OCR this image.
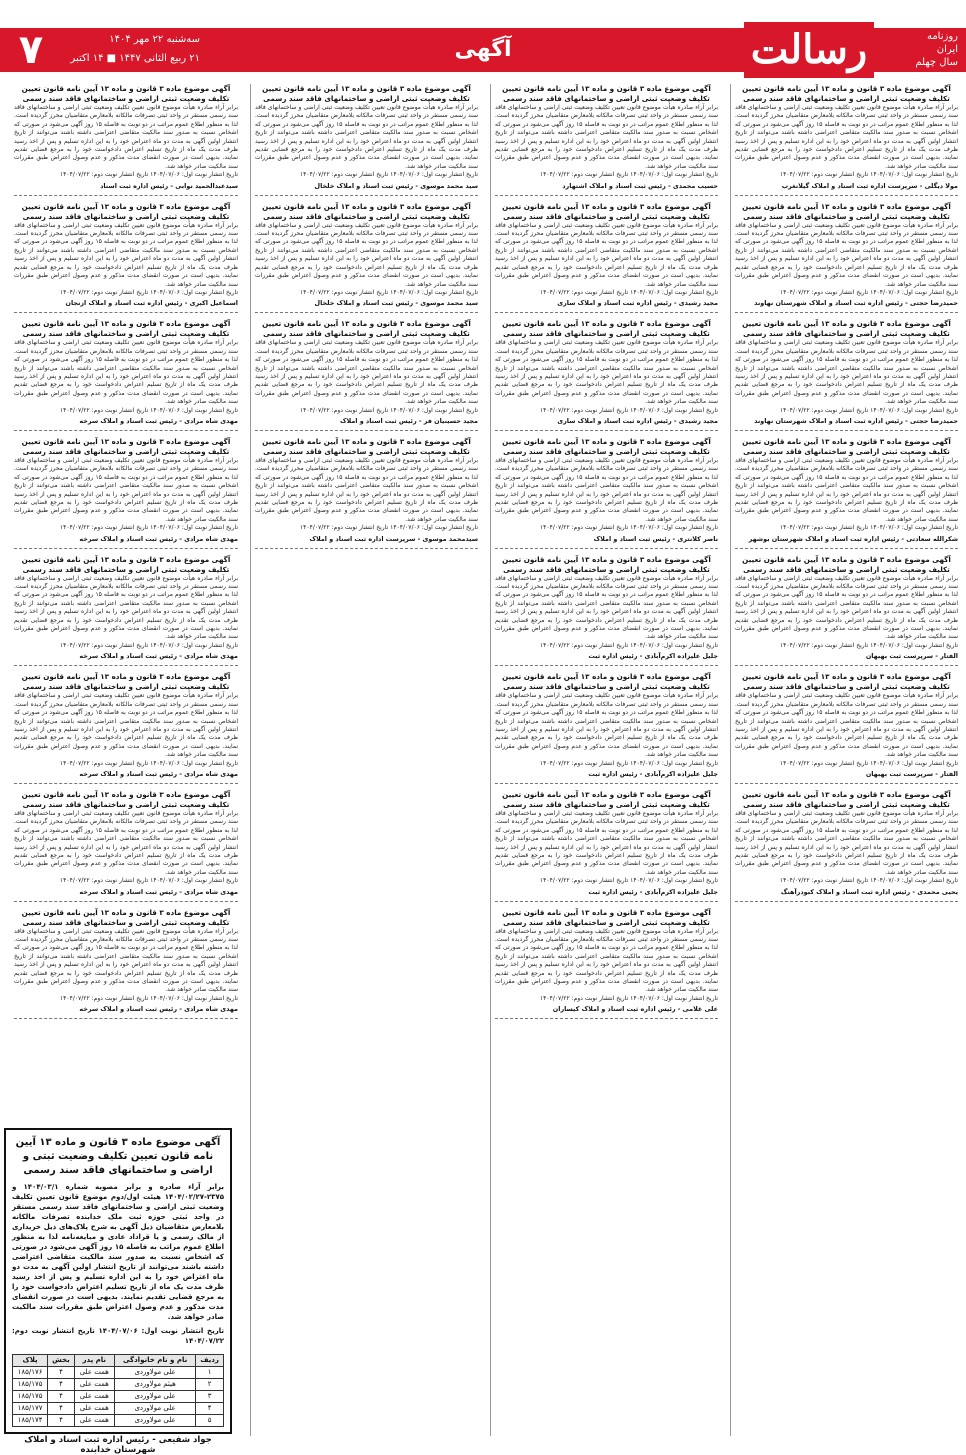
روزنامه
ایران
سال چهلم
رسالت
آگهی
سه‌شنبه ۲۲ مهر ۱۴۰۴
۲۱ ربیع الثانی ۱۴۴۷ ■ ۱۴ اکتبر ۲۰۲۵
۷
آگهی موضوع ماده ۳ قانون و ماده ۱۳ آیین نامه قانون تعیین تکلیف وضعیت ثبتی اراضی و ساختمانهای فاقد سند رسمی
برابر آراء صادره هیأت موضوع قانون تعیین تکلیف وضعیت ثبتی اراضی و ساختمانهای فاقد سند رسمی مستقر در واحد ثبتی تصرفات مالکانه بلامعارض متقاضیان محرز گردیده است. لذا به منظور اطلاع عموم مراتب در دو نوبت به فاصله ۱۵ روز آگهی می‌شود در صورتی که اشخاص نسبت به صدور سند مالکیت متقاضی اعتراضی داشته باشند می‌توانند از تاریخ انتشار اولین آگهی به مدت دو ماه اعتراض خود را به این اداره تسلیم و پس از اخذ رسید ظرف مدت یک ماه از تاریخ تسلیم اعتراض دادخواست خود را به مرجع قضایی تقدیم نمایند. بدیهی است در صورت انقضای مدت مذکور و عدم وصول اعتراض طبق مقررات سند مالکیت صادر خواهد شد.
تاریخ انتشار نوبت اول: ۱۴۰۴/۰۷/۰۶ تاریخ انتشار نوبت دوم: ۱۴۰۴/۰۷/۲۲
مولا دیگلی - سرپرست اداره ثبت اسناد و املاک گیلانغرب
آگهی موضوع ماده ۳ قانون و ماده ۱۳ آیین نامه قانون تعیین تکلیف وضعیت ثبتی اراضی و ساختمانهای فاقد سند رسمی
برابر آراء صادره هیأت موضوع قانون تعیین تکلیف وضعیت ثبتی اراضی و ساختمانهای فاقد سند رسمی مستقر در واحد ثبتی تصرفات مالکانه بلامعارض متقاضیان محرز گردیده است. لذا به منظور اطلاع عموم مراتب در دو نوبت به فاصله ۱۵ روز آگهی می‌شود در صورتی که اشخاص نسبت به صدور سند مالکیت متقاضی اعتراضی داشته باشند می‌توانند از تاریخ انتشار اولین آگهی به مدت دو ماه اعتراض خود را به این اداره تسلیم و پس از اخذ رسید ظرف مدت یک ماه از تاریخ تسلیم اعتراض دادخواست خود را به مرجع قضایی تقدیم نمایند. بدیهی است در صورت انقضای مدت مذکور و عدم وصول اعتراض طبق مقررات سند مالکیت صادر خواهد شد.
تاریخ انتشار نوبت اول: ۱۴۰۴/۰۷/۰۶ تاریخ انتشار نوبت دوم: ۱۴۰۴/۰۷/۲۲
حمیدرضا حجتی - رئیس اداره ثبت اسناد و املاک شهرستان نهاوند
آگهی موضوع ماده ۳ قانون و ماده ۱۳ آیین نامه قانون تعیین تکلیف وضعیت ثبتی اراضی و ساختمانهای فاقد سند رسمی
برابر آراء صادره هیأت موضوع قانون تعیین تکلیف وضعیت ثبتی اراضی و ساختمانهای فاقد سند رسمی مستقر در واحد ثبتی تصرفات مالکانه بلامعارض متقاضیان محرز گردیده است. لذا به منظور اطلاع عموم مراتب در دو نوبت به فاصله ۱۵ روز آگهی می‌شود در صورتی که اشخاص نسبت به صدور سند مالکیت متقاضی اعتراضی داشته باشند می‌توانند از تاریخ انتشار اولین آگهی به مدت دو ماه اعتراض خود را به این اداره تسلیم و پس از اخذ رسید ظرف مدت یک ماه از تاریخ تسلیم اعتراض دادخواست خود را به مرجع قضایی تقدیم نمایند. بدیهی است در صورت انقضای مدت مذکور و عدم وصول اعتراض طبق مقررات سند مالکیت صادر خواهد شد.
تاریخ انتشار نوبت اول: ۱۴۰۴/۰۷/۰۶ تاریخ انتشار نوبت دوم: ۱۴۰۴/۰۷/۲۲
حمیدرضا حجتی - رئیس اداره ثبت اسناد و املاک شهرستان نهاوند
آگهی موضوع ماده ۳ قانون و ماده ۱۳ آیین نامه قانون تعیین تکلیف وضعیت ثبتی اراضی و ساختمانهای فاقد سند رسمی
برابر آراء صادره هیأت موضوع قانون تعیین تکلیف وضعیت ثبتی اراضی و ساختمانهای فاقد سند رسمی مستقر در واحد ثبتی تصرفات مالکانه بلامعارض متقاضیان محرز گردیده است. لذا به منظور اطلاع عموم مراتب در دو نوبت به فاصله ۱۵ روز آگهی می‌شود در صورتی که اشخاص نسبت به صدور سند مالکیت متقاضی اعتراضی داشته باشند می‌توانند از تاریخ انتشار اولین آگهی به مدت دو ماه اعتراض خود را به این اداره تسلیم و پس از اخذ رسید ظرف مدت یک ماه از تاریخ تسلیم اعتراض دادخواست خود را به مرجع قضایی تقدیم نمایند. بدیهی است در صورت انقضای مدت مذکور و عدم وصول اعتراض طبق مقررات سند مالکیت صادر خواهد شد.
تاریخ انتشار نوبت اول: ۱۴۰۴/۰۷/۰۶ تاریخ انتشار نوبت دوم: ۱۴۰۴/۰۷/۲۲
شکرالله سعادتی - رئیس اداره ثبت اسناد و املاک شهرستان بوشهر
آگهی موضوع ماده ۳ قانون و ماده ۱۳ آیین نامه قانون تعیین تکلیف وضعیت ثبتی اراضی و ساختمانهای فاقد سند رسمی
برابر آراء صادره هیأت موضوع قانون تعیین تکلیف وضعیت ثبتی اراضی و ساختمانهای فاقد سند رسمی مستقر در واحد ثبتی تصرفات مالکانه بلامعارض متقاضیان محرز گردیده است. لذا به منظور اطلاع عموم مراتب در دو نوبت به فاصله ۱۵ روز آگهی می‌شود در صورتی که اشخاص نسبت به صدور سند مالکیت متقاضی اعتراضی داشته باشند می‌توانند از تاریخ انتشار اولین آگهی به مدت دو ماه اعتراض خود را به این اداره تسلیم و پس از اخذ رسید ظرف مدت یک ماه از تاریخ تسلیم اعتراض دادخواست خود را به مرجع قضایی تقدیم نمایند. بدیهی است در صورت انقضای مدت مذکور و عدم وصول اعتراض طبق مقررات سند مالکیت صادر خواهد شد.
تاریخ انتشار نوبت اول: ۱۴۰۴/۰۷/۰۶ تاریخ انتشار نوبت دوم: ۱۴۰۴/۰۷/۲۲
الفتار - سرپرست ثبت بهبهان
آگهی موضوع ماده ۳ قانون و ماده ۱۳ آیین نامه قانون تعیین تکلیف وضعیت ثبتی اراضی و ساختمانهای فاقد سند رسمی
برابر آراء صادره هیأت موضوع قانون تعیین تکلیف وضعیت ثبتی اراضی و ساختمانهای فاقد سند رسمی مستقر در واحد ثبتی تصرفات مالکانه بلامعارض متقاضیان محرز گردیده است. لذا به منظور اطلاع عموم مراتب در دو نوبت به فاصله ۱۵ روز آگهی می‌شود در صورتی که اشخاص نسبت به صدور سند مالکیت متقاضی اعتراضی داشته باشند می‌توانند از تاریخ انتشار اولین آگهی به مدت دو ماه اعتراض خود را به این اداره تسلیم و پس از اخذ رسید ظرف مدت یک ماه از تاریخ تسلیم اعتراض دادخواست خود را به مرجع قضایی تقدیم نمایند. بدیهی است در صورت انقضای مدت مذکور و عدم وصول اعتراض طبق مقررات سند مالکیت صادر خواهد شد.
تاریخ انتشار نوبت اول: ۱۴۰۴/۰۷/۰۶ تاریخ انتشار نوبت دوم: ۱۴۰۴/۰۷/۲۲
الفتار - سرپرست ثبت بهبهان
آگهی موضوع ماده ۳ قانون و ماده ۱۳ آیین نامه قانون تعیین تکلیف وضعیت ثبتی اراضی و ساختمانهای فاقد سند رسمی
برابر آراء صادره هیأت موضوع قانون تعیین تکلیف وضعیت ثبتی اراضی و ساختمانهای فاقد سند رسمی مستقر در واحد ثبتی تصرفات مالکانه بلامعارض متقاضیان محرز گردیده است. لذا به منظور اطلاع عموم مراتب در دو نوبت به فاصله ۱۵ روز آگهی می‌شود در صورتی که اشخاص نسبت به صدور سند مالکیت متقاضی اعتراضی داشته باشند می‌توانند از تاریخ انتشار اولین آگهی به مدت دو ماه اعتراض خود را به این اداره تسلیم و پس از اخذ رسید ظرف مدت یک ماه از تاریخ تسلیم اعتراض دادخواست خود را به مرجع قضایی تقدیم نمایند. بدیهی است در صورت انقضای مدت مذکور و عدم وصول اعتراض طبق مقررات سند مالکیت صادر خواهد شد.
تاریخ انتشار نوبت اول: ۱۴۰۴/۰۷/۰۶ تاریخ انتشار نوبت دوم: ۱۴۰۴/۰۷/۲۲
یحیی محمدی - رئیس اداره ثبت اسناد و املاک کبودرآهنگ
آگهی موضوع ماده ۳ قانون و ماده ۱۳ آیین نامه قانون تعیین تکلیف وضعیت ثبتی اراضی و ساختمانهای فاقد سند رسمی
برابر آراء صادره هیأت موضوع قانون تعیین تکلیف وضعیت ثبتی اراضی و ساختمانهای فاقد سند رسمی مستقر در واحد ثبتی تصرفات مالکانه بلامعارض متقاضیان محرز گردیده است. لذا به منظور اطلاع عموم مراتب در دو نوبت به فاصله ۱۵ روز آگهی می‌شود در صورتی که اشخاص نسبت به صدور سند مالکیت متقاضی اعتراضی داشته باشند می‌توانند از تاریخ انتشار اولین آگهی به مدت دو ماه اعتراض خود را به این اداره تسلیم و پس از اخذ رسید ظرف مدت یک ماه از تاریخ تسلیم اعتراض دادخواست خود را به مرجع قضایی تقدیم نمایند. بدیهی است در صورت انقضای مدت مذکور و عدم وصول اعتراض طبق مقررات سند مالکیت صادر خواهد شد.
تاریخ انتشار نوبت اول: ۱۴۰۴/۰۷/۰۶ تاریخ انتشار نوبت دوم: ۱۴۰۴/۰۷/۲۲
حسیب محمدی - رئیس ثبت اسناد و املاک اشتهارد
آگهی موضوع ماده ۳ قانون و ماده ۱۳ آیین نامه قانون تعیین تکلیف وضعیت ثبتی اراضی و ساختمانهای فاقد سند رسمی
برابر آراء صادره هیأت موضوع قانون تعیین تکلیف وضعیت ثبتی اراضی و ساختمانهای فاقد سند رسمی مستقر در واحد ثبتی تصرفات مالکانه بلامعارض متقاضیان محرز گردیده است. لذا به منظور اطلاع عموم مراتب در دو نوبت به فاصله ۱۵ روز آگهی می‌شود در صورتی که اشخاص نسبت به صدور سند مالکیت متقاضی اعتراضی داشته باشند می‌توانند از تاریخ انتشار اولین آگهی به مدت دو ماه اعتراض خود را به این اداره تسلیم و پس از اخذ رسید ظرف مدت یک ماه از تاریخ تسلیم اعتراض دادخواست خود را به مرجع قضایی تقدیم نمایند. بدیهی است در صورت انقضای مدت مذکور و عدم وصول اعتراض طبق مقررات سند مالکیت صادر خواهد شد.
تاریخ انتشار نوبت اول: ۱۴۰۴/۰۷/۰۶ تاریخ انتشار نوبت دوم: ۱۴۰۴/۰۷/۲۲
مجید رشیدی - رئیس اداره ثبت اسناد و املاک ساری
آگهی موضوع ماده ۳ قانون و ماده ۱۳ آیین نامه قانون تعیین تکلیف وضعیت ثبتی اراضی و ساختمانهای فاقد سند رسمی
برابر آراء صادره هیأت موضوع قانون تعیین تکلیف وضعیت ثبتی اراضی و ساختمانهای فاقد سند رسمی مستقر در واحد ثبتی تصرفات مالکانه بلامعارض متقاضیان محرز گردیده است. لذا به منظور اطلاع عموم مراتب در دو نوبت به فاصله ۱۵ روز آگهی می‌شود در صورتی که اشخاص نسبت به صدور سند مالکیت متقاضی اعتراضی داشته باشند می‌توانند از تاریخ انتشار اولین آگهی به مدت دو ماه اعتراض خود را به این اداره تسلیم و پس از اخذ رسید ظرف مدت یک ماه از تاریخ تسلیم اعتراض دادخواست خود را به مرجع قضایی تقدیم نمایند. بدیهی است در صورت انقضای مدت مذکور و عدم وصول اعتراض طبق مقررات سند مالکیت صادر خواهد شد.
تاریخ انتشار نوبت اول: ۱۴۰۴/۰۷/۰۶ تاریخ انتشار نوبت دوم: ۱۴۰۴/۰۷/۲۲
مجید رشیدی - رئیس اداره ثبت اسناد و املاک ساری
آگهی موضوع ماده ۳ قانون و ماده ۱۳ آیین نامه قانون تعیین تکلیف وضعیت ثبتی اراضی و ساختمانهای فاقد سند رسمی
برابر آراء صادره هیأت موضوع قانون تعیین تکلیف وضعیت ثبتی اراضی و ساختمانهای فاقد سند رسمی مستقر در واحد ثبتی تصرفات مالکانه بلامعارض متقاضیان محرز گردیده است. لذا به منظور اطلاع عموم مراتب در دو نوبت به فاصله ۱۵ روز آگهی می‌شود در صورتی که اشخاص نسبت به صدور سند مالکیت متقاضی اعتراضی داشته باشند می‌توانند از تاریخ انتشار اولین آگهی به مدت دو ماه اعتراض خود را به این اداره تسلیم و پس از اخذ رسید ظرف مدت یک ماه از تاریخ تسلیم اعتراض دادخواست خود را به مرجع قضایی تقدیم نمایند. بدیهی است در صورت انقضای مدت مذکور و عدم وصول اعتراض طبق مقررات سند مالکیت صادر خواهد شد.
تاریخ انتشار نوبت اول: ۱۴۰۴/۰۷/۰۶ تاریخ انتشار نوبت دوم: ۱۴۰۴/۰۷/۲۲
ناصر کلانتری - رئیس ثبت اسناد و املاک
آگهی موضوع ماده ۳ قانون و ماده ۱۳ آیین نامه قانون تعیین تکلیف وضعیت ثبتی اراضی و ساختمانهای فاقد سند رسمی
برابر آراء صادره هیأت موضوع قانون تعیین تکلیف وضعیت ثبتی اراضی و ساختمانهای فاقد سند رسمی مستقر در واحد ثبتی تصرفات مالکانه بلامعارض متقاضیان محرز گردیده است. لذا به منظور اطلاع عموم مراتب در دو نوبت به فاصله ۱۵ روز آگهی می‌شود در صورتی که اشخاص نسبت به صدور سند مالکیت متقاضی اعتراضی داشته باشند می‌توانند از تاریخ انتشار اولین آگهی به مدت دو ماه اعتراض خود را به این اداره تسلیم و پس از اخذ رسید ظرف مدت یک ماه از تاریخ تسلیم اعتراض دادخواست خود را به مرجع قضایی تقدیم نمایند. بدیهی است در صورت انقضای مدت مذکور و عدم وصول اعتراض طبق مقررات سند مالکیت صادر خواهد شد.
تاریخ انتشار نوبت اول: ۱۴۰۴/۰۷/۰۶ تاریخ انتشار نوبت دوم: ۱۴۰۴/۰۷/۲۲
جلیل علیزاده اکرم‌آبادی - رئیس اداره ثبت
آگهی موضوع ماده ۳ قانون و ماده ۱۳ آیین نامه قانون تعیین تکلیف وضعیت ثبتی اراضی و ساختمانهای فاقد سند رسمی
برابر آراء صادره هیأت موضوع قانون تعیین تکلیف وضعیت ثبتی اراضی و ساختمانهای فاقد سند رسمی مستقر در واحد ثبتی تصرفات مالکانه بلامعارض متقاضیان محرز گردیده است. لذا به منظور اطلاع عموم مراتب در دو نوبت به فاصله ۱۵ روز آگهی می‌شود در صورتی که اشخاص نسبت به صدور سند مالکیت متقاضی اعتراضی داشته باشند می‌توانند از تاریخ انتشار اولین آگهی به مدت دو ماه اعتراض خود را به این اداره تسلیم و پس از اخذ رسید ظرف مدت یک ماه از تاریخ تسلیم اعتراض دادخواست خود را به مرجع قضایی تقدیم نمایند. بدیهی است در صورت انقضای مدت مذکور و عدم وصول اعتراض طبق مقررات سند مالکیت صادر خواهد شد.
تاریخ انتشار نوبت اول: ۱۴۰۴/۰۷/۰۶ تاریخ انتشار نوبت دوم: ۱۴۰۴/۰۷/۲۲
جلیل علیزاده اکرم‌آبادی - رئیس اداره ثبت
آگهی موضوع ماده ۳ قانون و ماده ۱۳ آیین نامه قانون تعیین تکلیف وضعیت ثبتی اراضی و ساختمانهای فاقد سند رسمی
برابر آراء صادره هیأت موضوع قانون تعیین تکلیف وضعیت ثبتی اراضی و ساختمانهای فاقد سند رسمی مستقر در واحد ثبتی تصرفات مالکانه بلامعارض متقاضیان محرز گردیده است. لذا به منظور اطلاع عموم مراتب در دو نوبت به فاصله ۱۵ روز آگهی می‌شود در صورتی که اشخاص نسبت به صدور سند مالکیت متقاضی اعتراضی داشته باشند می‌توانند از تاریخ انتشار اولین آگهی به مدت دو ماه اعتراض خود را به این اداره تسلیم و پس از اخذ رسید ظرف مدت یک ماه از تاریخ تسلیم اعتراض دادخواست خود را به مرجع قضایی تقدیم نمایند. بدیهی است در صورت انقضای مدت مذکور و عدم وصول اعتراض طبق مقررات سند مالکیت صادر خواهد شد.
تاریخ انتشار نوبت اول: ۱۴۰۴/۰۷/۰۶ تاریخ انتشار نوبت دوم: ۱۴۰۴/۰۷/۲۲
جلیل علیزاده اکرم‌آبادی - رئیس اداره ثبت
آگهی موضوع ماده ۳ قانون و ماده ۱۳ آیین نامه قانون تعیین تکلیف وضعیت ثبتی اراضی و ساختمانهای فاقد سند رسمی
برابر آراء صادره هیأت موضوع قانون تعیین تکلیف وضعیت ثبتی اراضی و ساختمانهای فاقد سند رسمی مستقر در واحد ثبتی تصرفات مالکانه بلامعارض متقاضیان محرز گردیده است. لذا به منظور اطلاع عموم مراتب در دو نوبت به فاصله ۱۵ روز آگهی می‌شود در صورتی که اشخاص نسبت به صدور سند مالکیت متقاضی اعتراضی داشته باشند می‌توانند از تاریخ انتشار اولین آگهی به مدت دو ماه اعتراض خود را به این اداره تسلیم و پس از اخذ رسید ظرف مدت یک ماه از تاریخ تسلیم اعتراض دادخواست خود را به مرجع قضایی تقدیم نمایند. بدیهی است در صورت انقضای مدت مذکور و عدم وصول اعتراض طبق مقررات سند مالکیت صادر خواهد شد.
تاریخ انتشار نوبت اول: ۱۴۰۴/۰۷/۰۶ تاریخ انتشار نوبت دوم: ۱۴۰۴/۰۷/۲۲
علی غلامی - رئیس اداره ثبت اسناد و املاک کیساران
آگهی موضوع ماده ۳ قانون و ماده ۱۳ آیین نامه قانون تعیین تکلیف وضعیت ثبتی اراضی و ساختمانهای فاقد سند رسمی
برابر آراء صادره هیأت موضوع قانون تعیین تکلیف وضعیت ثبتی اراضی و ساختمانهای فاقد سند رسمی مستقر در واحد ثبتی تصرفات مالکانه بلامعارض متقاضیان محرز گردیده است. لذا به منظور اطلاع عموم مراتب در دو نوبت به فاصله ۱۵ روز آگهی می‌شود در صورتی که اشخاص نسبت به صدور سند مالکیت متقاضی اعتراضی داشته باشند می‌توانند از تاریخ انتشار اولین آگهی به مدت دو ماه اعتراض خود را به این اداره تسلیم و پس از اخذ رسید ظرف مدت یک ماه از تاریخ تسلیم اعتراض دادخواست خود را به مرجع قضایی تقدیم نمایند. بدیهی است در صورت انقضای مدت مذکور و عدم وصول اعتراض طبق مقررات سند مالکیت صادر خواهد شد.
تاریخ انتشار نوبت اول: ۱۴۰۴/۰۷/۰۶ تاریخ انتشار نوبت دوم: ۱۴۰۴/۰۷/۲۲
سید محمد موسوی - رئیس ثبت اسناد و املاک خلخال
آگهی موضوع ماده ۳ قانون و ماده ۱۳ آیین نامه قانون تعیین تکلیف وضعیت ثبتی اراضی و ساختمانهای فاقد سند رسمی
برابر آراء صادره هیأت موضوع قانون تعیین تکلیف وضعیت ثبتی اراضی و ساختمانهای فاقد سند رسمی مستقر در واحد ثبتی تصرفات مالکانه بلامعارض متقاضیان محرز گردیده است. لذا به منظور اطلاع عموم مراتب در دو نوبت به فاصله ۱۵ روز آگهی می‌شود در صورتی که اشخاص نسبت به صدور سند مالکیت متقاضی اعتراضی داشته باشند می‌توانند از تاریخ انتشار اولین آگهی به مدت دو ماه اعتراض خود را به این اداره تسلیم و پس از اخذ رسید ظرف مدت یک ماه از تاریخ تسلیم اعتراض دادخواست خود را به مرجع قضایی تقدیم نمایند. بدیهی است در صورت انقضای مدت مذکور و عدم وصول اعتراض طبق مقررات سند مالکیت صادر خواهد شد.
تاریخ انتشار نوبت اول: ۱۴۰۴/۰۷/۰۶ تاریخ انتشار نوبت دوم: ۱۴۰۴/۰۷/۲۲
سید محمد موسوی - رئیس ثبت اسناد و املاک خلخال
آگهی موضوع ماده ۳ قانون و ماده ۱۳ آیین نامه قانون تعیین تکلیف وضعیت ثبتی اراضی و ساختمانهای فاقد سند رسمی
برابر آراء صادره هیأت موضوع قانون تعیین تکلیف وضعیت ثبتی اراضی و ساختمانهای فاقد سند رسمی مستقر در واحد ثبتی تصرفات مالکانه بلامعارض متقاضیان محرز گردیده است. لذا به منظور اطلاع عموم مراتب در دو نوبت به فاصله ۱۵ روز آگهی می‌شود در صورتی که اشخاص نسبت به صدور سند مالکیت متقاضی اعتراضی داشته باشند می‌توانند از تاریخ انتشار اولین آگهی به مدت دو ماه اعتراض خود را به این اداره تسلیم و پس از اخذ رسید ظرف مدت یک ماه از تاریخ تسلیم اعتراض دادخواست خود را به مرجع قضایی تقدیم نمایند. بدیهی است در صورت انقضای مدت مذکور و عدم وصول اعتراض طبق مقررات سند مالکیت صادر خواهد شد.
تاریخ انتشار نوبت اول: ۱۴۰۴/۰۷/۰۶ تاریخ انتشار نوبت دوم: ۱۴۰۴/۰۷/۲۲
مجید حسینیان فر - رئیس ثبت اسناد و املاک
آگهی موضوع ماده ۳ قانون و ماده ۱۳ آیین نامه قانون تعیین تکلیف وضعیت ثبتی اراضی و ساختمانهای فاقد سند رسمی
برابر آراء صادره هیأت موضوع قانون تعیین تکلیف وضعیت ثبتی اراضی و ساختمانهای فاقد سند رسمی مستقر در واحد ثبتی تصرفات مالکانه بلامعارض متقاضیان محرز گردیده است. لذا به منظور اطلاع عموم مراتب در دو نوبت به فاصله ۱۵ روز آگهی می‌شود در صورتی که اشخاص نسبت به صدور سند مالکیت متقاضی اعتراضی داشته باشند می‌توانند از تاریخ انتشار اولین آگهی به مدت دو ماه اعتراض خود را به این اداره تسلیم و پس از اخذ رسید ظرف مدت یک ماه از تاریخ تسلیم اعتراض دادخواست خود را به مرجع قضایی تقدیم نمایند. بدیهی است در صورت انقضای مدت مذکور و عدم وصول اعتراض طبق مقررات سند مالکیت صادر خواهد شد.
تاریخ انتشار نوبت اول: ۱۴۰۴/۰۷/۰۶ تاریخ انتشار نوبت دوم: ۱۴۰۴/۰۷/۲۲
سیدمحمد موسوی - سرپرست اداره ثبت اسناد و املاک
آگهی موضوع ماده ۳ قانون و ماده ۱۳ آیین نامه قانون تعیین تکلیف وضعیت ثبتی اراضی و ساختمانهای فاقد سند رسمی
برابر آراء صادره هیأت موضوع قانون تعیین تکلیف وضعیت ثبتی اراضی و ساختمانهای فاقد سند رسمی مستقر در واحد ثبتی تصرفات مالکانه بلامعارض متقاضیان محرز گردیده است. لذا به منظور اطلاع عموم مراتب در دو نوبت به فاصله ۱۵ روز آگهی می‌شود در صورتی که اشخاص نسبت به صدور سند مالکیت متقاضی اعتراضی داشته باشند می‌توانند از تاریخ انتشار اولین آگهی به مدت دو ماه اعتراض خود را به این اداره تسلیم و پس از اخذ رسید ظرف مدت یک ماه از تاریخ تسلیم اعتراض دادخواست خود را به مرجع قضایی تقدیم نمایند. بدیهی است در صورت انقضای مدت مذکور و عدم وصول اعتراض طبق مقررات سند مالکیت صادر خواهد شد.
تاریخ انتشار نوبت اول: ۱۴۰۴/۰۷/۰۶ تاریخ انتشار نوبت دوم: ۱۴۰۴/۰۷/۲۲
سیدعبدالحمید نوابی - رئیس اداره ثبت اسناد
آگهی موضوع ماده ۳ قانون و ماده ۱۳ آیین نامه قانون تعیین تکلیف وضعیت ثبتی اراضی و ساختمانهای فاقد سند رسمی
برابر آراء صادره هیأت موضوع قانون تعیین تکلیف وضعیت ثبتی اراضی و ساختمانهای فاقد سند رسمی مستقر در واحد ثبتی تصرفات مالکانه بلامعارض متقاضیان محرز گردیده است. لذا به منظور اطلاع عموم مراتب در دو نوبت به فاصله ۱۵ روز آگهی می‌شود در صورتی که اشخاص نسبت به صدور سند مالکیت متقاضی اعتراضی داشته باشند می‌توانند از تاریخ انتشار اولین آگهی به مدت دو ماه اعتراض خود را به این اداره تسلیم و پس از اخذ رسید ظرف مدت یک ماه از تاریخ تسلیم اعتراض دادخواست خود را به مرجع قضایی تقدیم نمایند. بدیهی است در صورت انقضای مدت مذکور و عدم وصول اعتراض طبق مقررات سند مالکیت صادر خواهد شد.
تاریخ انتشار نوبت اول: ۱۴۰۴/۰۷/۰۶ تاریخ انتشار نوبت دوم: ۱۴۰۴/۰۷/۲۲
اسماعیل اکبری - رئیس اداره ثبت اسناد و املاک ازنجان
آگهی موضوع ماده ۳ قانون و ماده ۱۳ آیین نامه قانون تعیین تکلیف وضعیت ثبتی اراضی و ساختمانهای فاقد سند رسمی
برابر آراء صادره هیأت موضوع قانون تعیین تکلیف وضعیت ثبتی اراضی و ساختمانهای فاقد سند رسمی مستقر در واحد ثبتی تصرفات مالکانه بلامعارض متقاضیان محرز گردیده است. لذا به منظور اطلاع عموم مراتب در دو نوبت به فاصله ۱۵ روز آگهی می‌شود در صورتی که اشخاص نسبت به صدور سند مالکیت متقاضی اعتراضی داشته باشند می‌توانند از تاریخ انتشار اولین آگهی به مدت دو ماه اعتراض خود را به این اداره تسلیم و پس از اخذ رسید ظرف مدت یک ماه از تاریخ تسلیم اعتراض دادخواست خود را به مرجع قضایی تقدیم نمایند. بدیهی است در صورت انقضای مدت مذکور و عدم وصول اعتراض طبق مقررات سند مالکیت صادر خواهد شد.
تاریخ انتشار نوبت اول: ۱۴۰۴/۰۷/۰۶ تاریخ انتشار نوبت دوم: ۱۴۰۴/۰۷/۲۲
مهدی شاه مرادی - رئیس ثبت اسناد و املاک سرخه
آگهی موضوع ماده ۳ قانون و ماده ۱۳ آیین نامه قانون تعیین تکلیف وضعیت ثبتی اراضی و ساختمانهای فاقد سند رسمی
برابر آراء صادره هیأت موضوع قانون تعیین تکلیف وضعیت ثبتی اراضی و ساختمانهای فاقد سند رسمی مستقر در واحد ثبتی تصرفات مالکانه بلامعارض متقاضیان محرز گردیده است. لذا به منظور اطلاع عموم مراتب در دو نوبت به فاصله ۱۵ روز آگهی می‌شود در صورتی که اشخاص نسبت به صدور سند مالکیت متقاضی اعتراضی داشته باشند می‌توانند از تاریخ انتشار اولین آگهی به مدت دو ماه اعتراض خود را به این اداره تسلیم و پس از اخذ رسید ظرف مدت یک ماه از تاریخ تسلیم اعتراض دادخواست خود را به مرجع قضایی تقدیم نمایند. بدیهی است در صورت انقضای مدت مذکور و عدم وصول اعتراض طبق مقررات سند مالکیت صادر خواهد شد.
تاریخ انتشار نوبت اول: ۱۴۰۴/۰۷/۰۶ تاریخ انتشار نوبت دوم: ۱۴۰۴/۰۷/۲۲
مهدی شاه مرادی - رئیس ثبت اسناد و املاک سرخه
آگهی موضوع ماده ۳ قانون و ماده ۱۳ آیین نامه قانون تعیین تکلیف وضعیت ثبتی اراضی و ساختمانهای فاقد سند رسمی
برابر آراء صادره هیأت موضوع قانون تعیین تکلیف وضعیت ثبتی اراضی و ساختمانهای فاقد سند رسمی مستقر در واحد ثبتی تصرفات مالکانه بلامعارض متقاضیان محرز گردیده است. لذا به منظور اطلاع عموم مراتب در دو نوبت به فاصله ۱۵ روز آگهی می‌شود در صورتی که اشخاص نسبت به صدور سند مالکیت متقاضی اعتراضی داشته باشند می‌توانند از تاریخ انتشار اولین آگهی به مدت دو ماه اعتراض خود را به این اداره تسلیم و پس از اخذ رسید ظرف مدت یک ماه از تاریخ تسلیم اعتراض دادخواست خود را به مرجع قضایی تقدیم نمایند. بدیهی است در صورت انقضای مدت مذکور و عدم وصول اعتراض طبق مقررات سند مالکیت صادر خواهد شد.
تاریخ انتشار نوبت اول: ۱۴۰۴/۰۷/۰۶ تاریخ انتشار نوبت دوم: ۱۴۰۴/۰۷/۲۲
مهدی شاه مرادی - رئیس ثبت اسناد و املاک سرخه
آگهی موضوع ماده ۳ قانون و ماده ۱۳ آیین نامه قانون تعیین تکلیف وضعیت ثبتی اراضی و ساختمانهای فاقد سند رسمی
برابر آراء صادره هیأت موضوع قانون تعیین تکلیف وضعیت ثبتی اراضی و ساختمانهای فاقد سند رسمی مستقر در واحد ثبتی تصرفات مالکانه بلامعارض متقاضیان محرز گردیده است. لذا به منظور اطلاع عموم مراتب در دو نوبت به فاصله ۱۵ روز آگهی می‌شود در صورتی که اشخاص نسبت به صدور سند مالکیت متقاضی اعتراضی داشته باشند می‌توانند از تاریخ انتشار اولین آگهی به مدت دو ماه اعتراض خود را به این اداره تسلیم و پس از اخذ رسید ظرف مدت یک ماه از تاریخ تسلیم اعتراض دادخواست خود را به مرجع قضایی تقدیم نمایند. بدیهی است در صورت انقضای مدت مذکور و عدم وصول اعتراض طبق مقررات سند مالکیت صادر خواهد شد.
تاریخ انتشار نوبت اول: ۱۴۰۴/۰۷/۰۶ تاریخ انتشار نوبت دوم: ۱۴۰۴/۰۷/۲۲
مهدی شاه مرادی - رئیس ثبت اسناد و املاک سرخه
آگهی موضوع ماده ۳ قانون و ماده ۱۳ آیین نامه قانون تعیین تکلیف وضعیت ثبتی اراضی و ساختمانهای فاقد سند رسمی
برابر آراء صادره هیأت موضوع قانون تعیین تکلیف وضعیت ثبتی اراضی و ساختمانهای فاقد سند رسمی مستقر در واحد ثبتی تصرفات مالکانه بلامعارض متقاضیان محرز گردیده است. لذا به منظور اطلاع عموم مراتب در دو نوبت به فاصله ۱۵ روز آگهی می‌شود در صورتی که اشخاص نسبت به صدور سند مالکیت متقاضی اعتراضی داشته باشند می‌توانند از تاریخ انتشار اولین آگهی به مدت دو ماه اعتراض خود را به این اداره تسلیم و پس از اخذ رسید ظرف مدت یک ماه از تاریخ تسلیم اعتراض دادخواست خود را به مرجع قضایی تقدیم نمایند. بدیهی است در صورت انقضای مدت مذکور و عدم وصول اعتراض طبق مقررات سند مالکیت صادر خواهد شد.
تاریخ انتشار نوبت اول: ۱۴۰۴/۰۷/۰۶ تاریخ انتشار نوبت دوم: ۱۴۰۴/۰۷/۲۲
مهدی شاه مرادی - رئیس ثبت اسناد و املاک سرخه
آگهی موضوع ماده ۳ قانون و ماده ۱۳ آیین نامه قانون تعیین تکلیف وضعیت ثبتی اراضی و ساختمانهای فاقد سند رسمی
برابر آراء صادره هیأت موضوع قانون تعیین تکلیف وضعیت ثبتی اراضی و ساختمانهای فاقد سند رسمی مستقر در واحد ثبتی تصرفات مالکانه بلامعارض متقاضیان محرز گردیده است. لذا به منظور اطلاع عموم مراتب در دو نوبت به فاصله ۱۵ روز آگهی می‌شود در صورتی که اشخاص نسبت به صدور سند مالکیت متقاضی اعتراضی داشته باشند می‌توانند از تاریخ انتشار اولین آگهی به مدت دو ماه اعتراض خود را به این اداره تسلیم و پس از اخذ رسید ظرف مدت یک ماه از تاریخ تسلیم اعتراض دادخواست خود را به مرجع قضایی تقدیم نمایند. بدیهی است در صورت انقضای مدت مذکور و عدم وصول اعتراض طبق مقررات سند مالکیت صادر خواهد شد.
تاریخ انتشار نوبت اول: ۱۴۰۴/۰۷/۰۶ تاریخ انتشار نوبت دوم: ۱۴۰۴/۰۷/۲۲
مهدی شاه مرادی - رئیس ثبت اسناد و املاک سرخه
آگهی موضوع ماده ۳ قانون و ماده ۱۳ آیین نامه قانون تعیین تکلیف وضعیت ثبتی و اراضی و ساختمانهای فاقد سند رسمی
برابر آراء صادره و برابر مصوبه شماره ۱۴۰۴/۰۳/۱ و ۲۳۷۵-۱۴۰۴/۰۲/۲۷ هیئت اول/دوم موضوع قانون تعیین تکلیف وضعیت ثبتی اراضی و ساختمانهای فاقد سند رسمی مستقر در واحد ثبتی حوزه ثبت ملک خدابنده تصرفات مالکانه بلامعارض متقاضیان ذیل آگهی به شرح پلاک‌های ذیل خریداری از مالک رسمی و یا قراداد عادی و مبایعه‌نامه لذا به منظور اطلاع عموم مراتب به فاصله ۱۵ روز آگهی می‌شود در صورتی که اشخاص نسبت به صدور سند مالکیت متقاضی اعتراضی داشته باشند می‌توانند از تاریخ انتشار اولین آگهی به مدت دو ماه اعتراض خود را به این اداره تسلیم و پس از اخذ رسید ظرف مدت یک ماه از تاریخ تسلیم اعتراض دادخواست خود را به مرجع قضایی تقدیم نمایند. بدیهی است در صورت انقضای مدت مذکور و عدم وصول اعتراض طبق مقررات سند مالکیت صادر خواهد شد.
تاریخ انتشار نوبت اول: ۱۴۰۴/۰۷/۰۶ تاریخ انتشار نوبت دوم: ۱۴۰۴/۰۷/۲۲
ردیف	نام و نام خانوادگی	نام پدر	بخش	پلاک
۱	علی مولاوردی	همت علی	۴	۱۸۵/۱۷۶
۲	هیثم مولاوردی	همت علی	۴	۱۸۵/۱۷۵
۳	علی مولاوردی	همت علی	۴	۱۸۵/۱۷۵
۴	علی مولاوردی	همت علی	۴	۱۸۵/۱۷۷
۵	علی مولاوردی	همت علی	۴	۱۸۵/۱۷۴
جواد شفیعی - رئیس اداره ثبت اسناد و املاک شهرستان خدابنده
